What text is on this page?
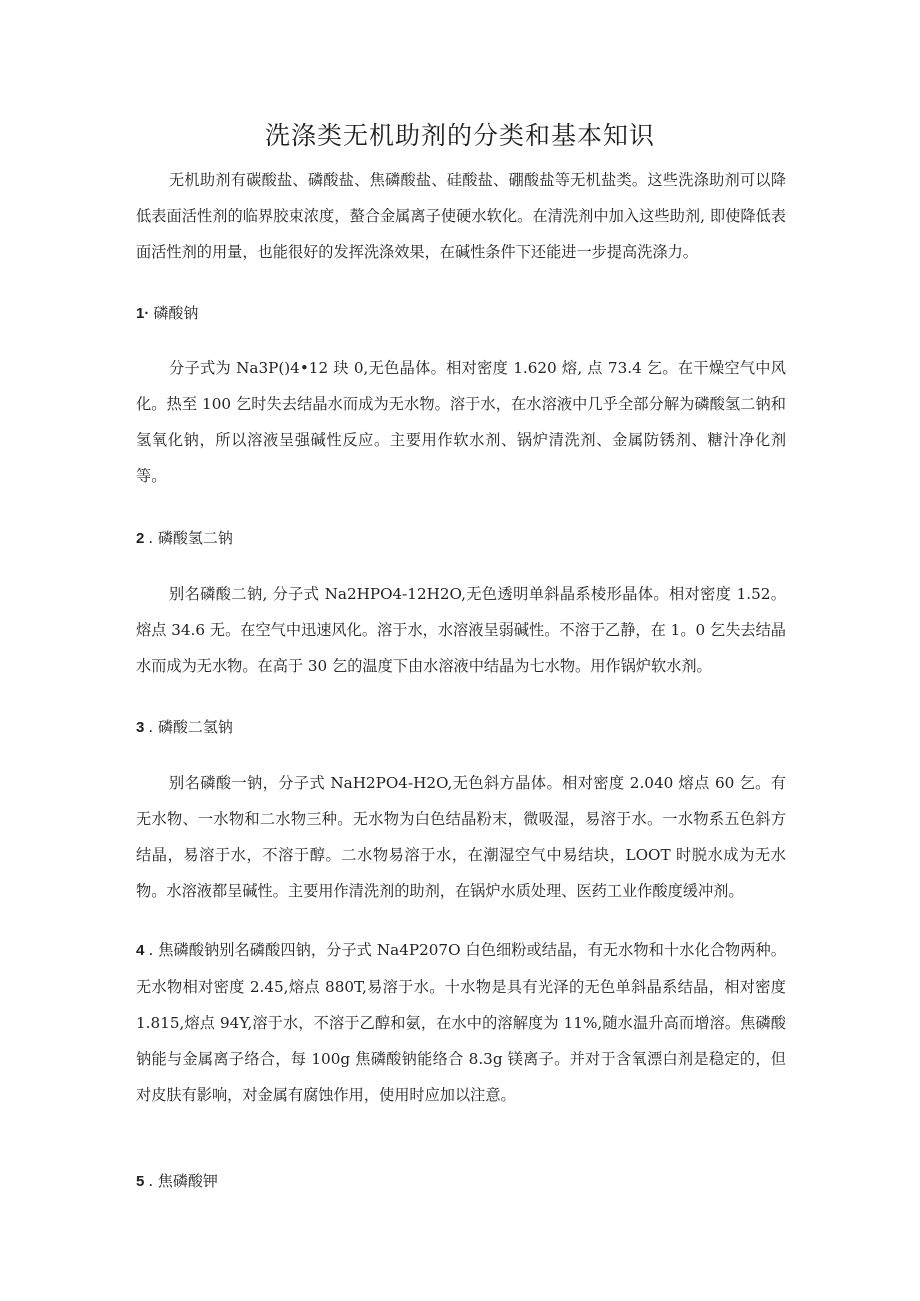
洗涤类无机助剂的分类和基本知识
无机助剂有碳酸盐、磷酸盐、焦磷酸盐、硅酸盐、硼酸盐等无机盐类。这些洗涤助剂可以降低表面活性剂的临界胶束浓度，螯合金属离子使硬水软化。在清洗剂中加入这些助剂, 即使降低表面活性剂的用量，也能很好的发挥洗涤效果，在碱性条件下还能进一步提高洗涤力。
1· 磷酸钠
分子式为 Na3P()4•12 玦 0,无色晶体。相对密度 1.620 熔, 点 73.4 乞。在干燥空气中风化。热至 100 乞时失去结晶水而成为无水物。溶于水，在水溶液中几乎全部分解为磷酸氢二钠和氢氧化钠，所以溶液呈强碱性反应。主要用作软水剂、锅炉清洗剂、金属防锈剂、糖汁净化剂等。
2 . 磷酸氢二钠
别名磷酸二钠, 分子式 Na2HPO4-12H2O,无色透明单斜晶系棱形晶体。相对密度 1.52。熔点 34.6 无。在空气中迅速风化。溶于水，水溶液呈弱碱性。不溶于乙静，在 1。0 乞失去结晶水而成为无水物。在高于 30 乞的温度下由水溶液中结晶为七水物。用作锅炉软水剂。
3 . 磷酸二氢钠
别名磷酸一钠，分子式 NaH2PO4-H2O,无色斜方晶体。相对密度 2.040 熔点 60 乞。有无水物、一水物和二水物三种。无水物为白色结晶粉末，微吸湿，易溶于水。一水物系五色斜方结晶，易溶于水，不溶于醇。二水物易溶于水，在潮湿空气中易结块，LOOT 时脱水成为无水物。水溶液都呈碱性。主要用作清洗剂的助剂，在锅炉水质处理、医药工业作酸度缓冲剂。
4 . 焦磷酸钠别名磷酸四钠，分子式 Na4P207O 白色细粉或结晶，有无水物和十水化合物两种。无水物相对密度 2.45,熔点 880T,易溶于水。十水物是具有光泽的无色单斜晶系结晶，相对密度 1.815,熔点 94Y,溶于水，不溶于乙醇和氨，在水中的溶解度为 11%,随水温升高而增溶。焦磷酸钠能与金属离子络合，每 100g 焦磷酸钠能络合 8.3g 镁离子。并对于含氧漂白剂是稳定的，但对皮肤有影响，对金属有腐蚀作用，使用时应加以注意。
5 . 焦磷酸钾
